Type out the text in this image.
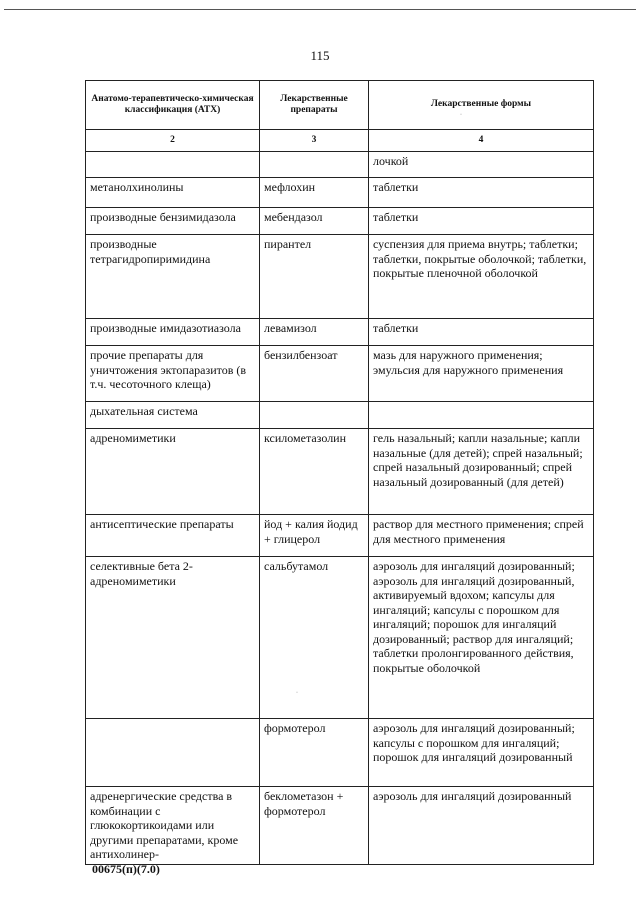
115
Анатомо-терапевтическо-химическая классификация (АТХ)	Лекарственные препараты	Лекарственные формы
2	3	4
		лочкой
метанолхинолины	мефлохин	таблетки
производные бензимидазола	мебендазол	таблетки
производные тетрагидропиримидина	пирантел	суспензия для приема внутрь; таблетки; таблетки, покрытые оболочкой; таблетки, покрытые пленочной оболочкой
производные имидазотиазола	левамизол	таблетки
прочие препараты для уничтожения эктопаразитов (в т.ч. чесоточного клеща)	бензилбензоат	мазь для наружного применения; эмульсия для наружного применения
дыхательная система		
адреномиметики	ксилометазолин	гель назальный; капли назальные; капли назальные (для детей); спрей назальный; спрей назальный дозированный; спрей назальный дозированный (для детей)
антисептические препараты	йод + калия йодид + глицерол	раствор для местного применения; спрей для местного применения
селективные бета 2-адреномиметики	сальбутамол	аэрозоль для ингаляций дозированный; аэрозоль для ингаляций дозированный, активируемый вдохом; капсулы для ингаляций; капсулы с порошком для ингаляций; порошок для ингаляций дозированный; раствор для ингаляций; таблетки пролонгированного действия, покрытые оболочкой
	формотерол	аэрозоль для ингаляций дозированный; капсулы с порошком для ингаляций; порошок для ингаляций дозированный
адренергические средства в комбинации с глюкокортикоидами или другими препаратами, кроме антихолинер-	беклометазон + формотерол	аэрозоль для ингаляций дозированный
00675(п)(7.0)
·
·
